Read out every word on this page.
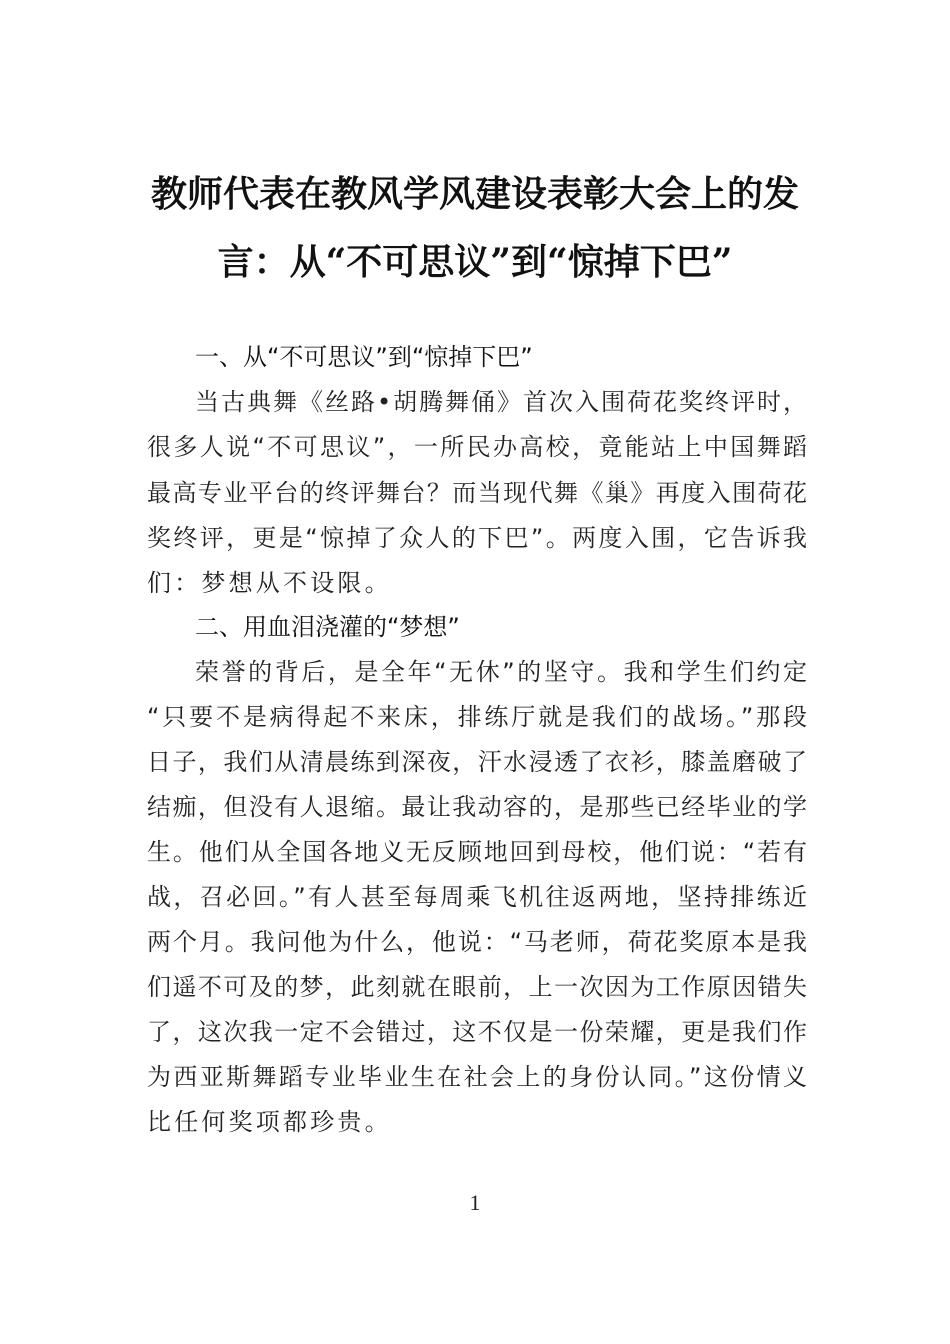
教师代表在教风学风建设表彰大会上的发
言：从“不可思议”到“惊掉下巴”
一、从“不可思议”到“惊掉下巴”
当古典舞《丝路•胡腾舞俑》首次入围荷花奖终评时，
很多人说“不可思议”，一所民办高校，竟能站上中国舞蹈
最高专业平台的终评舞台？而当现代舞《巢》再度入围荷花
奖终评，更是“惊掉了众人的下巴”。两度入围，它告诉我
们：梦想从不设限。
二、用血泪浇灌的“梦想”
荣誉的背后，是全年“无休”的坚守。我和学生们约定
“只要不是病得起不来床，排练厅就是我们的战场。”那段
日子，我们从清晨练到深夜，汗水浸透了衣衫，膝盖磨破了
结痂，但没有人退缩。最让我动容的，是那些已经毕业的学
生。他们从全国各地义无反顾地回到母校，他们说：“若有
战，召必回。”有人甚至每周乘飞机往返两地，坚持排练近
两个月。我问他为什么，他说：“马老师，荷花奖原本是我
们遥不可及的梦，此刻就在眼前，上一次因为工作原因错失
了，这次我一定不会错过，这不仅是一份荣耀，更是我们作
为西亚斯舞蹈专业毕业生在社会上的身份认同。”这份情义
比任何奖项都珍贵。
1
